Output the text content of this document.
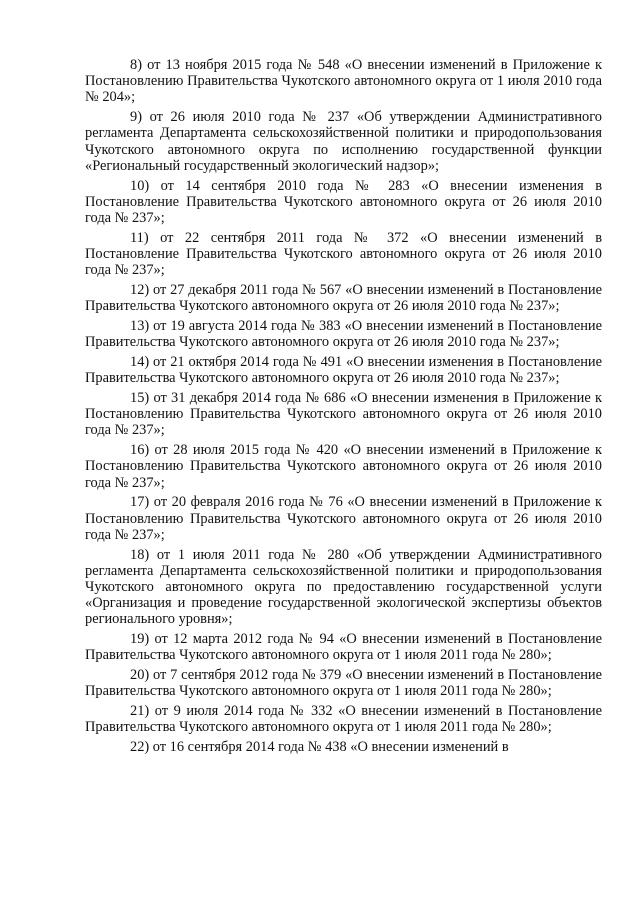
8) от 13 ноября 2015 года № 548 «О внесении изменений в Приложение к Постановлению Правительства Чукотского автономного округа от 1 июля 2010 года № 204»;

9) от 26 июля 2010 года № 237 «Об утверждении Административного регламента Департамента сельскохозяйственной политики и природопользования Чукотского автономного округа по исполнению государственной функции «Региональный государственный экологический надзор»;

10) от 14 сентября 2010 года № 283 «О внесении изменения в Постановление Правительства Чукотского автономного округа от 26 июля 2010 года № 237»;

11) от 22 сентября 2011 года № 372 «О внесении изменений в Постановление Правительства Чукотского автономного округа от 26 июля 2010 года № 237»;

12) от 27 декабря 2011 года № 567 «О внесении изменений в Постановление Правительства Чукотского автономного округа от 26 июля 2010 года № 237»;

13) от 19 августа 2014 года № 383 «О внесении изменений в Постановление Правительства Чукотского автономного округа от 26 июля 2010 года № 237»;

14) от 21 октября 2014 года № 491 «О внесении изменения в Постановление Правительства Чукотского автономного округа от 26 июля 2010 года № 237»;

15) от 31 декабря 2014 года № 686 «О внесении изменения в Приложение к Постановлению Правительства Чукотского автономного округа от 26 июля 2010 года № 237»;

16) от 28 июля 2015 года № 420 «О внесении изменений в Приложение к Постановлению Правительства Чукотского автономного округа от 26 июля 2010 года № 237»;

17) от 20 февраля 2016 года № 76 «О внесении изменений в Приложение к Постановлению Правительства Чукотского автономного округа от 26 июля 2010 года № 237»;

18) от 1 июля 2011 года № 280 «Об утверждении Административного регламента Департамента сельскохозяйственной политики и природопользования Чукотского автономного округа по предоставлению государственной услуги «Организация и проведение государственной экологической экспертизы объектов регионального уровня»;

19) от 12 марта 2012 года № 94 «О внесении изменений в Постановление Правительства Чукотского автономного округа от 1 июля 2011 года № 280»;

20) от 7 сентября 2012 года № 379 «О внесении изменений в Постановление Правительства Чукотского автономного округа от 1 июля 2011 года № 280»;

21) от 9 июля 2014 года № 332 «О внесении изменений в Постановление Правительства Чукотского автономного округа от 1 июля 2011 года № 280»;

22) от 16 сентября 2014 года № 438 «О внесении изменений в
